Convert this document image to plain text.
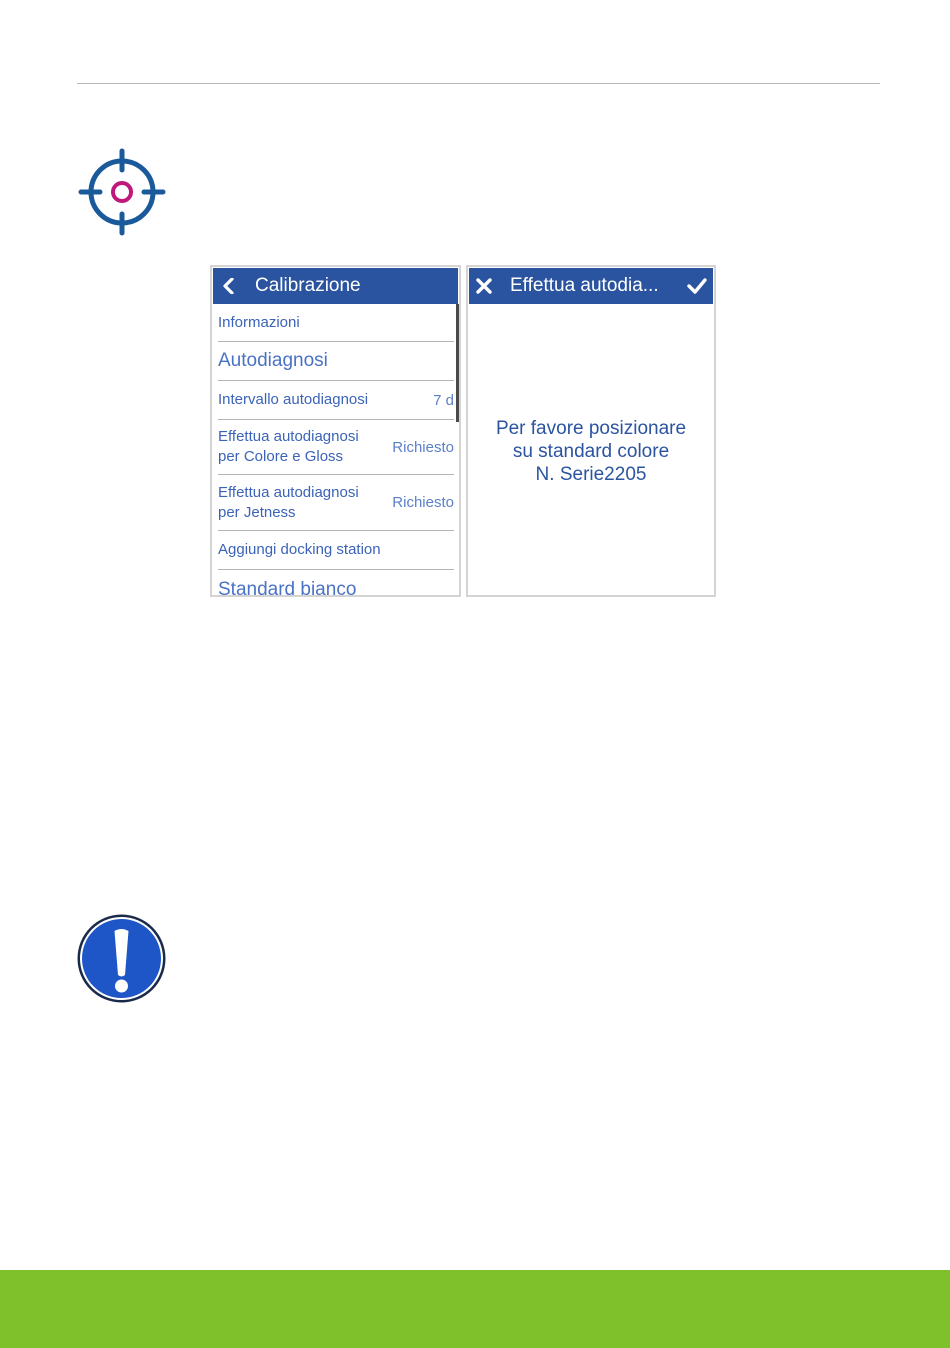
Calibrazione
Informazioni
Autodiagnosi
Intervallo autodiagnosi	7 d
Effettua autodiagnosi
per Colore e Gloss
Richiesto
Effettua autodiagnosi
per Jetness
Richiesto
Aggiungi docking station
Standard bianco
Effettua autodia...
Per favore posizionare
su standard colore
N. Serie2205
